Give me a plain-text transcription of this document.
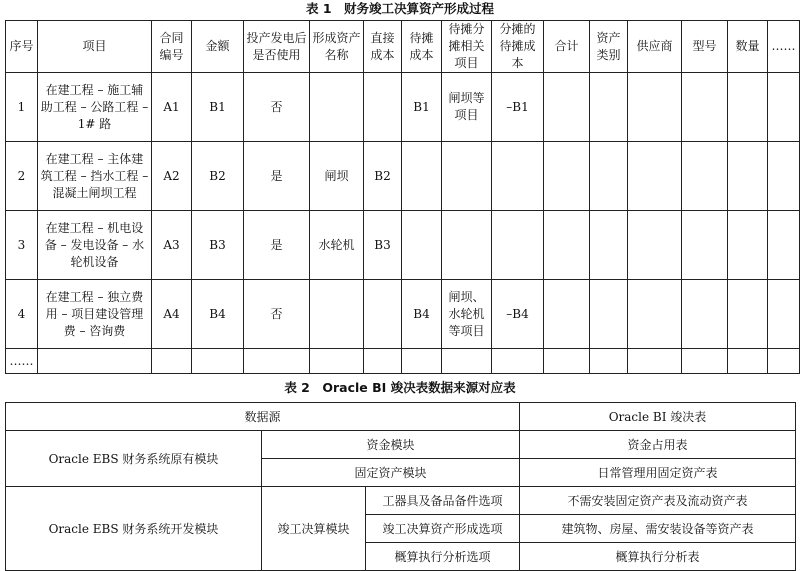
表 1　财务竣工决算资产形成过程
序号	项目	合同编号	金额	投产发电后是否使用	形成资产名称	直接成本	待摊成本	待摊分摊相关项目	分摊的待摊成本	合计	资产类别	供应商	型号	数量	……
1	在建工程 – 施工辅助工程 – 公路工程 –1# 路	A1	B1	否			B1	闸坝等项目	–B1						
2	在建工程 – 主体建筑工程 – 挡水工程 – 混凝土闸坝工程	A2	B2	是	闸坝	B2									
3	在建工程 – 机电设备 – 发电设备 – 水轮机设备	A3	B3	是	水轮机	B3									
4	在建工程 – 独立费用 – 项目建设管理费 – 咨询费	A4	B4	否			B4	闸坝、水轮机等项目	–B4						
……															
表 2　Oracle BI 竣决表数据来源对应表
数据源			Oracle BI 竣决表
Oracle EBS 财务系统原有模块	资金模块		资金占用表
	固定资产模块		日常管理用固定资产表
Oracle EBS 财务系统开发模块	竣工决算模块	工器具及备品备件选项	不需安装固定资产表及流动资产表
		竣工决算资产形成选项	建筑物、房屋、需安装设备等资产表
		概算执行分析选项	概算执行分析表
